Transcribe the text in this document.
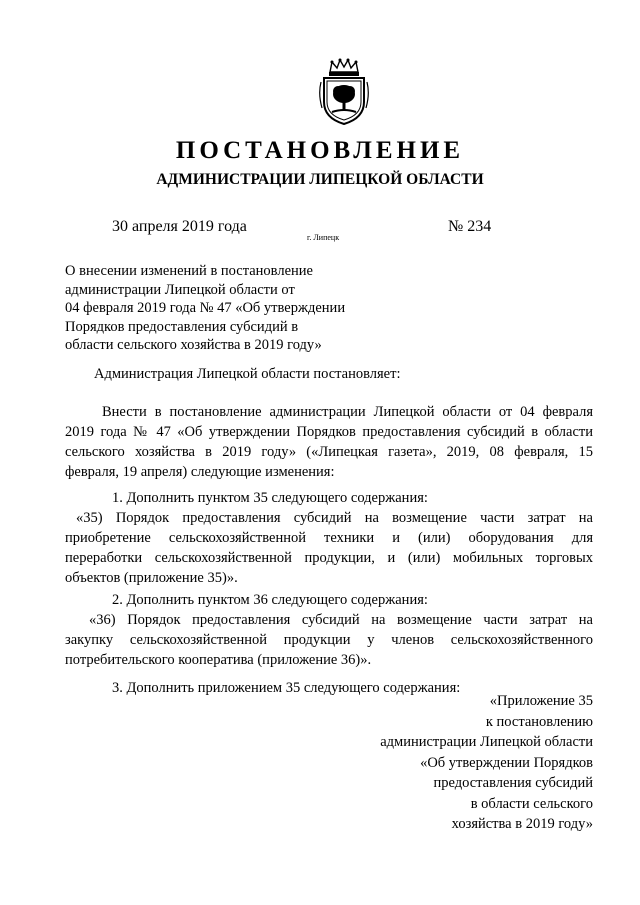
ПОСТАНОВЛЕНИЕ
АДМИНИСТРАЦИИ ЛИПЕЦКОЙ ОБЛАСТИ
30 апреля 2019 года
г. Липецк
№ 234
О внесении изменений в постановление
администрации Липецкой области от
04 февраля 2019 года № 47 «Об утверждении
Порядков предоставления субсидий в
области сельского хозяйства в 2019 году»
Администрация Липецкой области постановляет:
Внести в постановление администрации Липецкой области от 04 февраля
2019 года № 47 «Об утверждении Порядков предоставления субсидий в области
сельского хозяйства в 2019 году» («Липецкая газета», 2019, 08 февраля, 15
февраля, 19 апреля) следующие изменения:
1. Дополнить пунктом 35 следующего содержания:
«35) Порядок предоставления субсидий на возмещение части затрат на
приобретение сельскохозяйственной техники и (или) оборудования для
переработки сельскохозяйственной продукции, и (или) мобильных торговых
объектов (приложение 35)».
2. Дополнить пунктом 36 следующего содержания:
«36) Порядок предоставления субсидий на возмещение части затрат на
закупку сельскохозяйственной продукции у членов сельскохозяйственного
потребительского кооператива (приложение 36)».
3. Дополнить приложением 35 следующего содержания:
«Приложение 35
к постановлению
администрации Липецкой области
«Об утверждении Порядков
предоставления субсидий
в области сельского
хозяйства в 2019 году»
